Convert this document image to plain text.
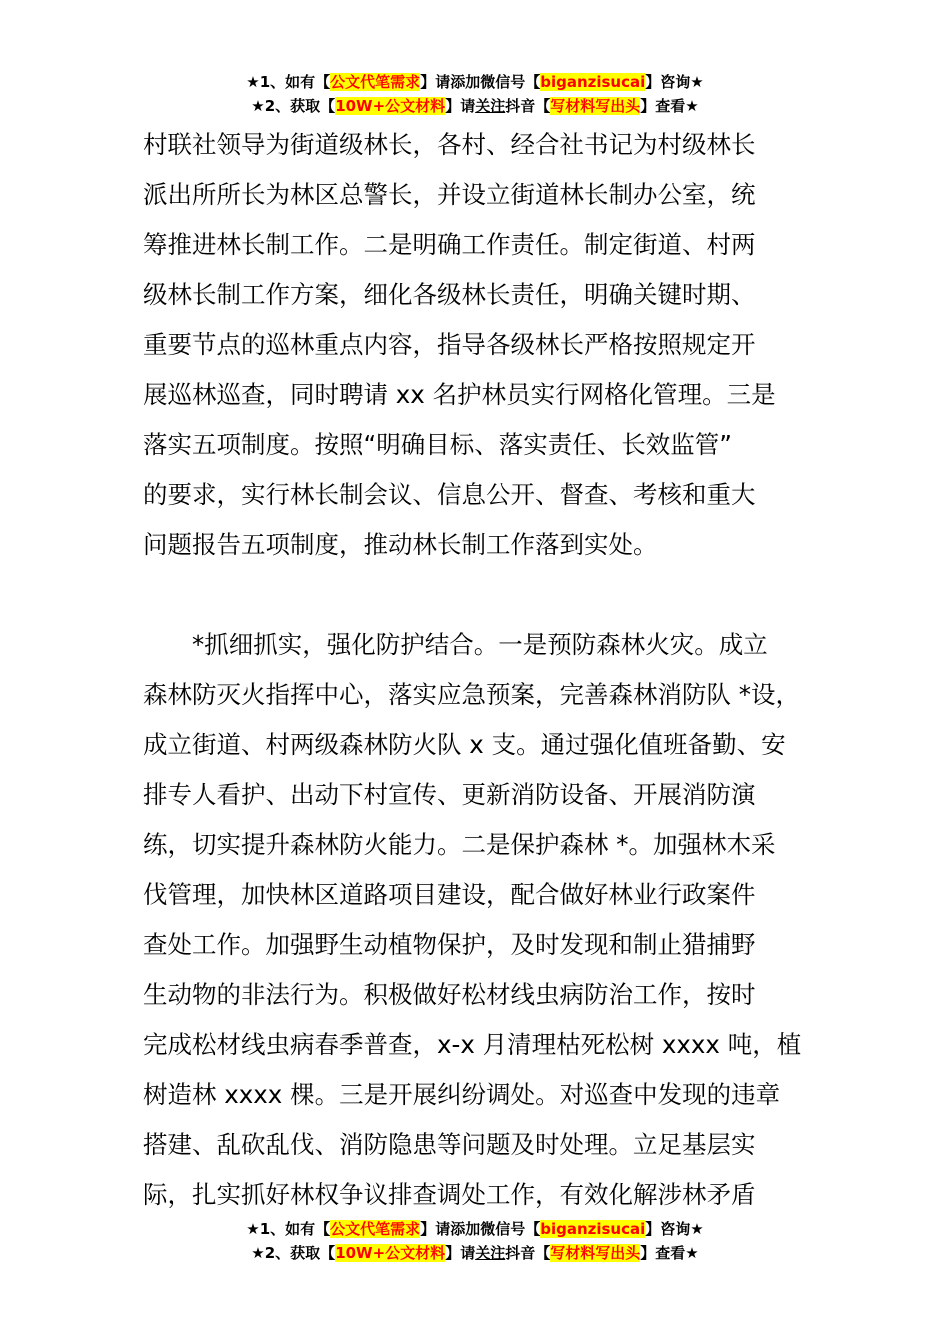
★1、如有【公文代笔需求】请添加微信号【biganzisucai】咨询★
★2、获取【10W+公文材料】请关注抖音【写材料写出头】查看★
村联社领导为街道级林长，各村、经合社书记为村级林长
派出所所长为林区总警长，并设立街道林长制办公室，统
筹推进林长制工作。二是明确工作责任。制定街道、村两
级林长制工作方案，细化各级林长责任，明确关键时期、
重要节点的巡林重点内容，指导各级林长严格按照规定开
展巡林巡查，同时聘请 xx 名护林员实行网格化管理。三是
落实五项制度。按照“明确目标、落实责任、长效监管”
的要求，实行林长制会议、信息公开、督查、考核和重大
问题报告五项制度，推动林长制工作落到实处。
*抓细抓实，强化防护结合。一是预防森林火灾。成立
森林防灭火指挥中心，落实应急预案，完善森林消防队 *设，
成立街道、村两级森林防火队 x 支。通过强化值班备勤、安
排专人看护、出动下村宣传、更新消防设备、开展消防演
练，切实提升森林防火能力。二是保护森林 *。加强林木采
伐管理，加快林区道路项目建设，配合做好林业行政案件
查处工作。加强野生动植物保护，及时发现和制止猎捕野
生动物的非法行为。积极做好松材线虫病防治工作，按时
完成松材线虫病春季普查，x-x 月清理枯死松树 xxxx 吨，植
树造林 xxxx 棵。三是开展纠纷调处。对巡查中发现的违章
搭建、乱砍乱伐、消防隐患等问题及时处理。立足基层实
际，扎实抓好林权争议排查调处工作，有效化解涉林矛盾
★1、如有【公文代笔需求】请添加微信号【biganzisucai】咨询★
★2、获取【10W+公文材料】请关注抖音【写材料写出头】查看★
